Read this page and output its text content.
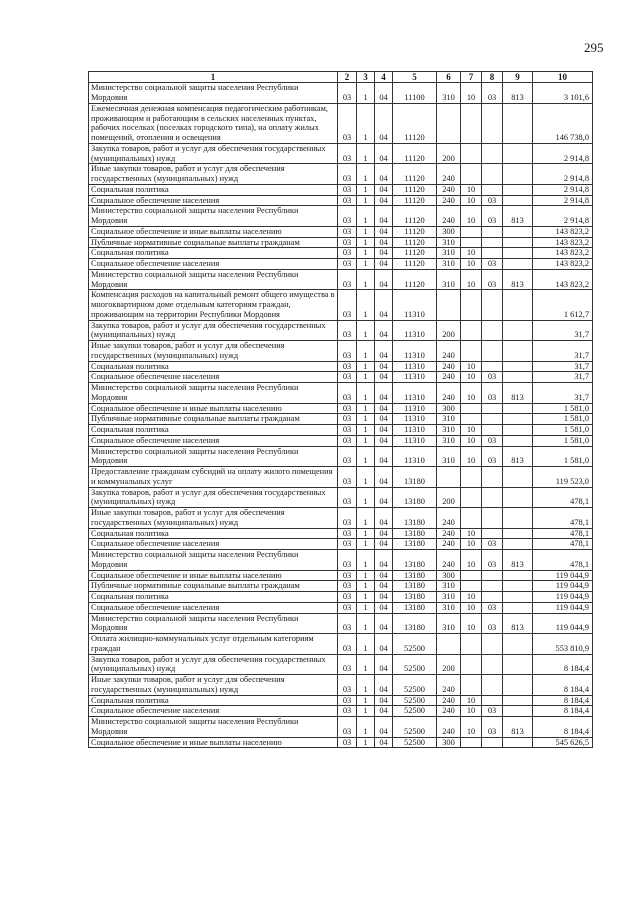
295
1	2	3	4	5	6	7	8	9	10
Министерство социальной защиты населения Республики Мордовия	03	1	04	11100	310	10	03	813	3 101,6
Ежемесячная денежная компенсация педагогическим работникам, проживающим и работающим в сельских населенных пунктах, рабочих поселках (поселках городского типа), на оплату жилых помещений, отопления и освещения	03	1	04	11120					146 738,0
Закупка товаров, работ и услуг для обеспечения государственных (муниципальных) нужд	03	1	04	11120	200				2 914,8
Иные закупки товаров, работ и услуг для обеспечения государственных (муниципальных) нужд	03	1	04	11120	240				2 914,8
Социальная политика	03	1	04	11120	240	10			2 914,8
Социальное обеспечение населения	03	1	04	11120	240	10	03		2 914,8
Министерство социальной защиты населения Республики Мордовия	03	1	04	11120	240	10	03	813	2 914,8
Социальное обеспечение и иные выплаты населению	03	1	04	11120	300				143 823,2
Публичные нормативные социальные выплаты гражданам	03	1	04	11120	310				143 823,2
Социальная политика	03	1	04	11120	310	10			143 823,2
Социальное обеспечение населения	03	1	04	11120	310	10	03		143 823,2
Министерство социальной защиты населения Республики Мордовия	03	1	04	11120	310	10	03	813	143 823,2
Компенсация расходов на капитальный ремонт общего имущества в многоквартирном доме отдельным категориям граждан, проживающим на территории Республики Мордовия	03	1	04	11310					1 612,7
Закупка товаров, работ и услуг для обеспечения государственных (муниципальных) нужд	03	1	04	11310	200				31,7
Иные закупки товаров, работ и услуг для обеспечения государственных (муниципальных) нужд	03	1	04	11310	240				31,7
Социальная политика	03	1	04	11310	240	10			31,7
Социальное обеспечение населения	03	1	04	11310	240	10	03		31,7
Министерство социальной защиты населения Республики Мордовия	03	1	04	11310	240	10	03	813	31,7
Социальное обеспечение и иные выплаты населению	03	1	04	11310	300				1 581,0
Публичные нормативные социальные выплаты гражданам	03	1	04	11310	310				1 581,0
Социальная политика	03	1	04	11310	310	10			1 581,0
Социальное обеспечение населения	03	1	04	11310	310	10	03		1 581,0
Министерство социальной защиты населения Республики Мордовия	03	1	04	11310	310	10	03	813	1 581,0
Предоставление гражданам субсидий на оплату жилого помещения и коммунальных услуг	03	1	04	13180					119 523,0
Закупка товаров, работ и услуг для обеспечения государственных (муниципальных) нужд	03	1	04	13180	200				478,1
Иные закупки товаров, работ и услуг для обеспечения государственных (муниципальных) нужд	03	1	04	13180	240				478,1
Социальная политика	03	1	04	13180	240	10			478,1
Социальное обеспечение населения	03	1	04	13180	240	10	03		478,1
Министерство социальной защиты населения Республики Мордовия	03	1	04	13180	240	10	03	813	478,1
Социальное обеспечение и иные выплаты населению	03	1	04	13180	300				119 044,9
Публичные нормативные социальные выплаты гражданам	03	1	04	13180	310				119 044,9
Социальная политика	03	1	04	13180	310	10			119 044,9
Социальное обеспечение населения	03	1	04	13180	310	10	03		119 044,9
Министерство социальной защиты населения Республики Мордовия	03	1	04	13180	310	10	03	813	119 044,9
Оплата жилищно-коммунальных услуг отдельным категориям граждан	03	1	04	52500					553 810,9
Закупка товаров, работ и услуг для обеспечения государственных (муниципальных) нужд	03	1	04	52500	200				8 184,4
Иные закупки товаров, работ и услуг для обеспечения государственных (муниципальных) нужд	03	1	04	52500	240				8 184,4
Социальная политика	03	1	04	52500	240	10			8 184,4
Социальное обеспечение населения	03	1	04	52500	240	10	03		8 184,4
Министерство социальной защиты населения Республики Мордовия	03	1	04	52500	240	10	03	813	8 184,4
Социальное обеспечение и иные выплаты населению	03	1	04	52500	300				545 626,5
